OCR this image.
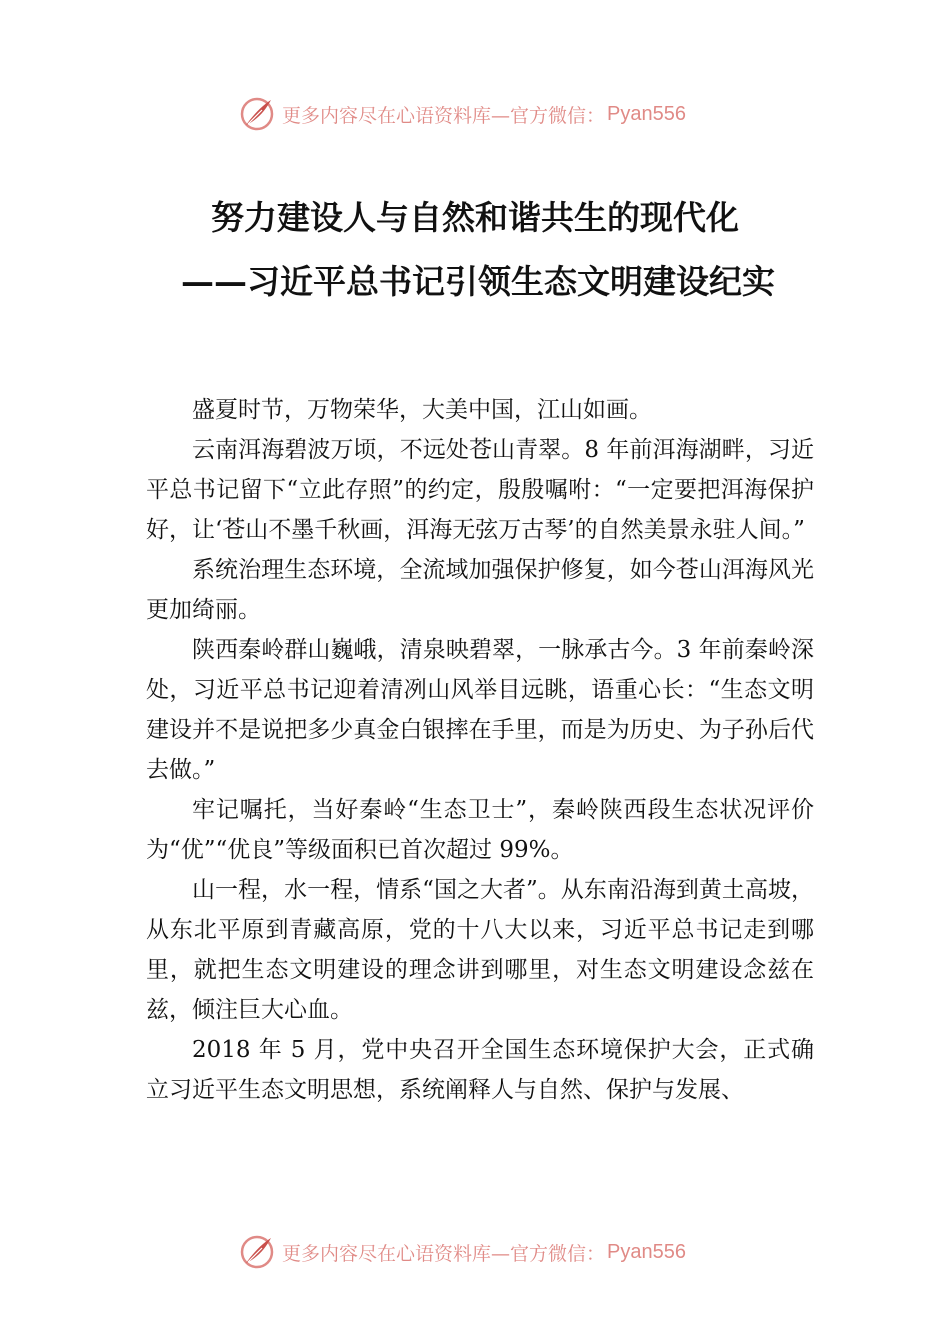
更多内容尽在心语资料库—官方微信： Pyan556
努力建设人与自然和谐共生的现代化
——习近平总书记引领生态文明建设纪实

盛夏时节，万物荣华，大美中国，江山如画。

云南洱海碧波万顷，不远处苍山青翠。8 年前洱海湖畔，习近平总书记留下“立此存照”的约定，殷殷嘱咐：“一定要把洱海保护好，让‘苍山不墨千秋画，洱海无弦万古琴’的自然美景永驻人间。”

系统治理生态环境，全流域加强保护修复，如今苍山洱海风光更加绮丽。

陕西秦岭群山巍峨，清泉映碧翠，一脉承古今。3 年前秦岭深处，习近平总书记迎着清冽山风举目远眺，语重心长：“生态文明建设并不是说把多少真金白银摔在手里，而是为历史、为子孙后代去做。”

牢记嘱托，当好秦岭“生态卫士”，秦岭陕西段生态状况评价为“优”“优良”等级面积已首次超过 99%。

山一程，水一程，情系“国之大者”。从东南沿海到黄土高坡，从东北平原到青藏高原，党的十八大以来，习近平总书记走到哪里，就把生态文明建设的理念讲到哪里，对生态文明建设念兹在兹，倾注巨大心血。

2018 年 5 月，党中央召开全国生态环境保护大会，正式确立习近平生态文明思想，系统阐释人与自然、保护与发展、

更多内容尽在心语资料库—官方微信： Pyan556
